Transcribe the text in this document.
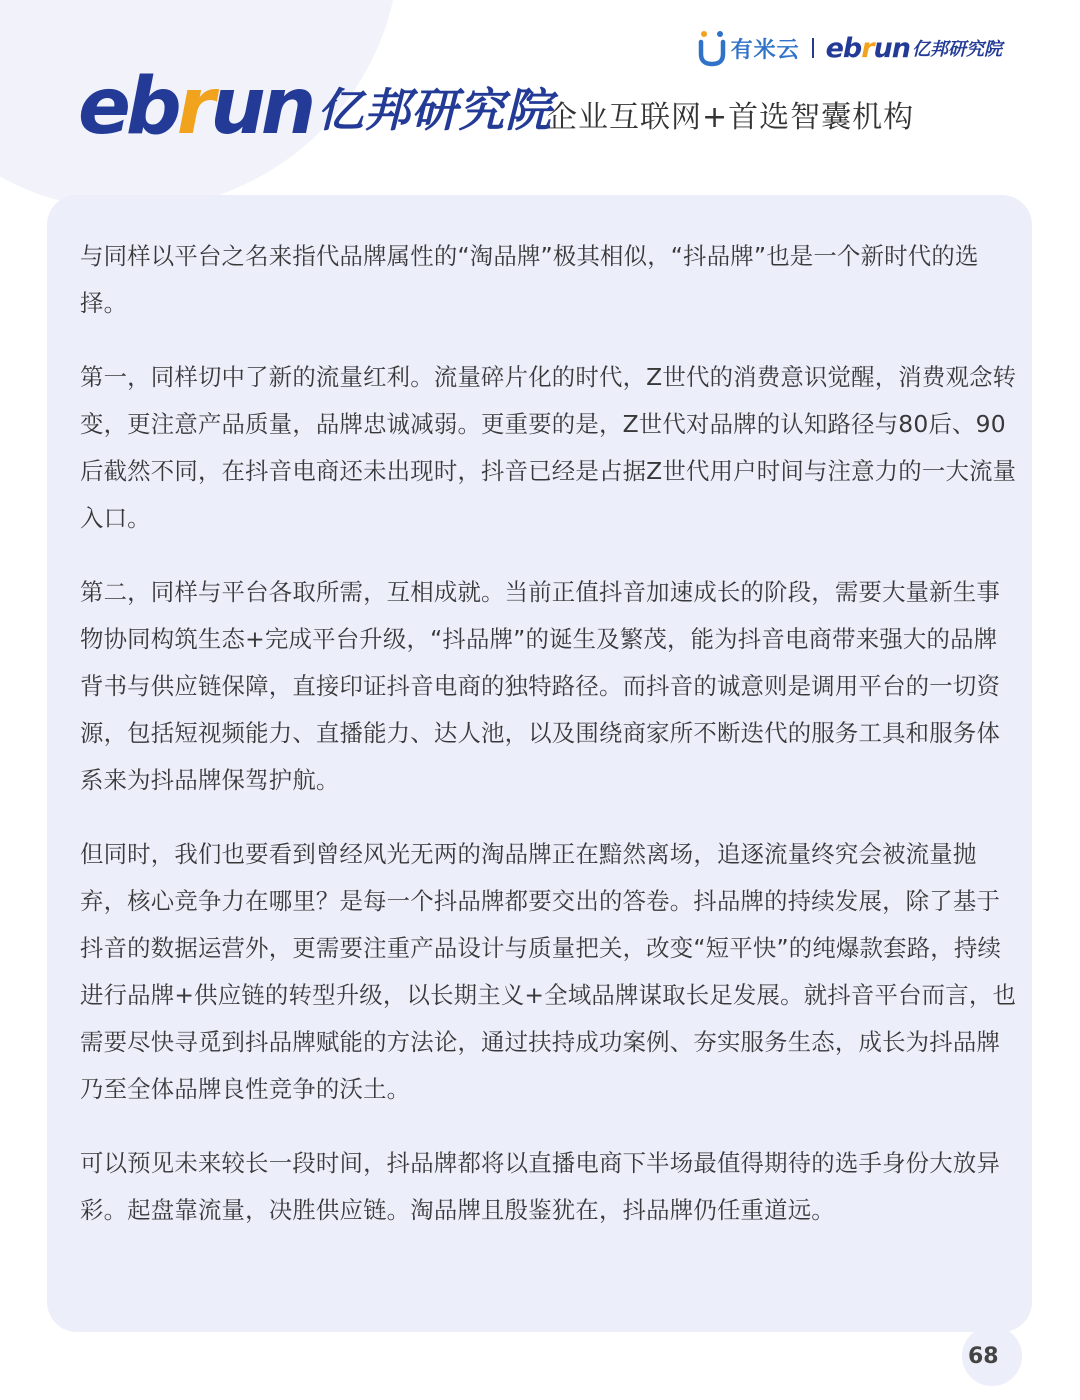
有米云 ebrun 亿邦研究院
ebrun 亿邦研究院
企业互联网+首选智囊机构

与同样以平台之名来指代品牌属性的“淘品牌”极其相似，“抖品牌”也是一个新时代的选择。

第一，同样切中了新的流量红利。流量碎片化的时代，Z世代的消费意识觉醒，消费观念转变，更注意产品质量，品牌忠诚减弱。更重要的是，Z世代对品牌的认知路径与80后、90后截然不同，在抖音电商还未出现时，抖音已经是占据Z世代用户时间与注意力的一大流量入口。

第二，同样与平台各取所需，互相成就。当前正值抖音加速成长的阶段，需要大量新生事物协同构筑生态+完成平台升级，“抖品牌”的诞生及繁茂，能为抖音电商带来强大的品牌背书与供应链保障，直接印证抖音电商的独特路径。而抖音的诚意则是调用平台的一切资源，包括短视频能力、直播能力、达人池，以及围绕商家所不断迭代的服务工具和服务体系来为抖品牌保驾护航。

但同时，我们也要看到曾经风光无两的淘品牌正在黯然离场，追逐流量终究会被流量抛弃，核心竞争力在哪里？是每一个抖品牌都要交出的答卷。抖品牌的持续发展，除了基于抖音的数据运营外，更需要注重产品设计与质量把关，改变“短平快”的纯爆款套路，持续进行品牌+供应链的转型升级，以长期主义+全域品牌谋取长足发展。就抖音平台而言，也需要尽快寻觅到抖品牌赋能的方法论，通过扶持成功案例、夯实服务生态，成长为抖品牌乃至全体品牌良性竞争的沃土。

可以预见未来较长一段时间，抖品牌都将以直播电商下半场最值得期待的选手身份大放异彩。起盘靠流量，决胜供应链。淘品牌且殷鉴犹在，抖品牌仍任重道远。

68
